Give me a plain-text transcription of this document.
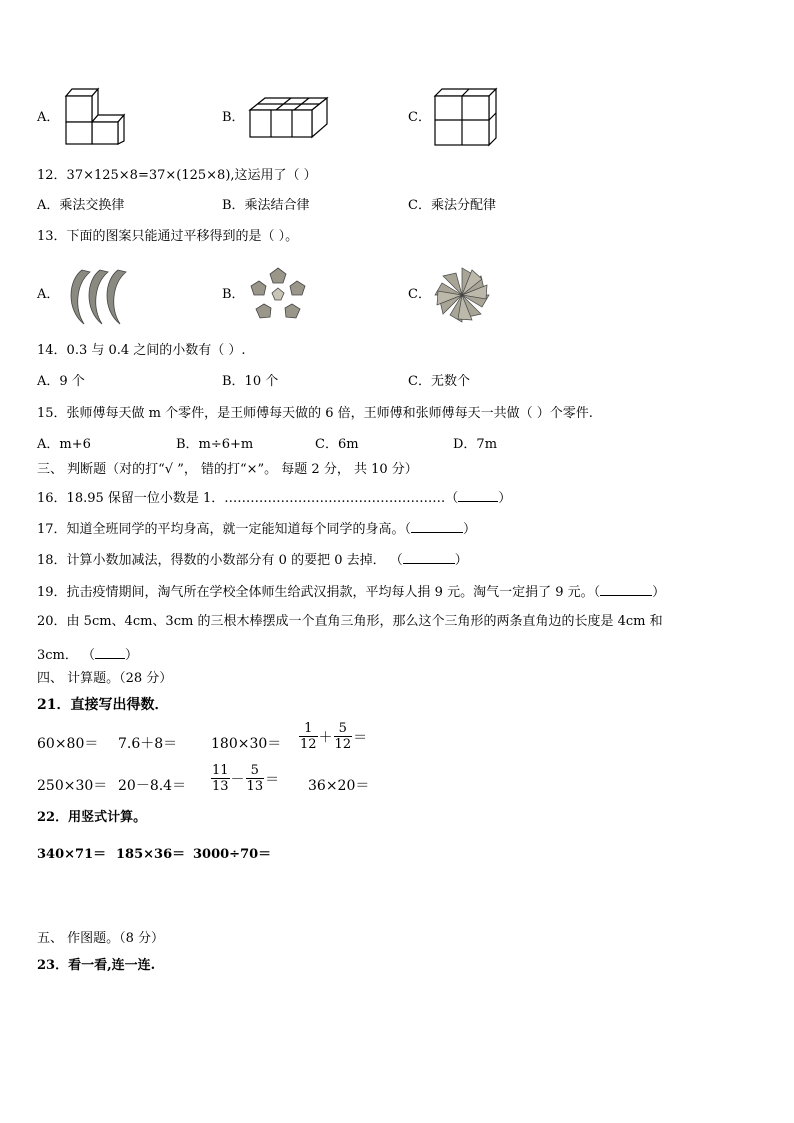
A．	B．	C．
12．37×125×8=37×(125×8),这运用了（ ）
A．乘法交换律	B．乘法结合律	C．乘法分配律
13．下面的图案只能通过平移得到的是（ ）。
A．	B．	C．
14．0.3 与 0.4 之间的小数有（ ）.
A．9 个	B．10 个	C．无数个
15．张师傅每天做 m 个零件，是王师傅每天做的 6 倍，王师傅和张师傅每天一共做（ ）个零件.
A．m+6	B．m÷6+m	C．6m	D．7m
三、 判断题（对的打“√ ”， 错的打“×”。 每题 2 分， 共 10 分）
16．18.95 保留一位小数是 1．……………………………………………（	）
17．知道全班同学的平均身高，就一定能知道每个同学的身高。（	）
18．计算小数加减法，得数的小数部分有 0 的要把 0 去掉． （	）
19．抗击疫情期间，淘气所在学校全体师生给武汉捐款，平均每人捐 9 元。淘气一定捐了 9 元。（	）
20．由 5cm、4cm、3cm 的三根木棒摆成一个直角三角形，那么这个三角形的两条直角边的长度是 4cm 和
3cm． （ ）
四、 计算题。（28 分）
21．直接写出得数．
$60\times 80= 7.6+8= 180\times 30= \frac{1}{12} + \frac{5}{12}$ ＝
$250\times 30= 20-8.4= \frac{11}{13} - \frac{5}{13} = 36\times 20=$
22．用竖式计算。
340×71＝ 185×36＝ 3000÷70＝
五、 作图题。（8 分）
23．看一看,连一连.
